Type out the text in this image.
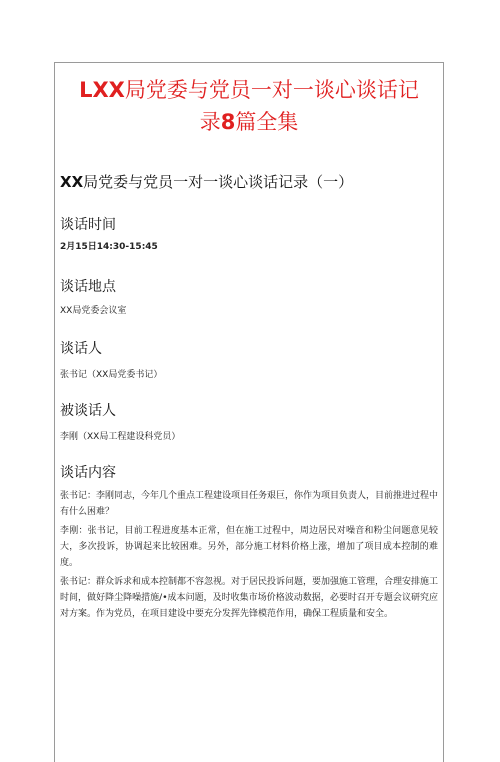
LXX局党委与党员一对一谈心谈话记
录8篇全集
XX局党委与党员一对一谈心谈话记录（一）
谈话时间

2月15日14:30-15:45

谈话地点

XX局党委会议室

谈话人

张书记（XX局党委书记）

被谈话人

李刚（XX局工程建设科党员）

谈话内容

张书记：李刚同志，今年几个重点工程建设项目任务艰巨，你作为项目负责人，目前推进过程中有什么困难？

李刚：张书记，目前工程进度基本正常，但在施工过程中，周边居民对噪音和粉尘问题意见较大，多次投诉，协调起来比较困难。另外，部分施工材料价格上涨，增加了项目成本控制的难度。

张书记：群众诉求和成本控制都不容忽视。对于居民投诉问题，要加强施工管理，合理安排施工时间，做好降尘降噪措施/•成本问题，及时收集市场价格波动数据，必要时召开专题会议研究应对方案。作为党员，在项目建设中要充分发挥先锋模范作用，确保工程质量和安全。
